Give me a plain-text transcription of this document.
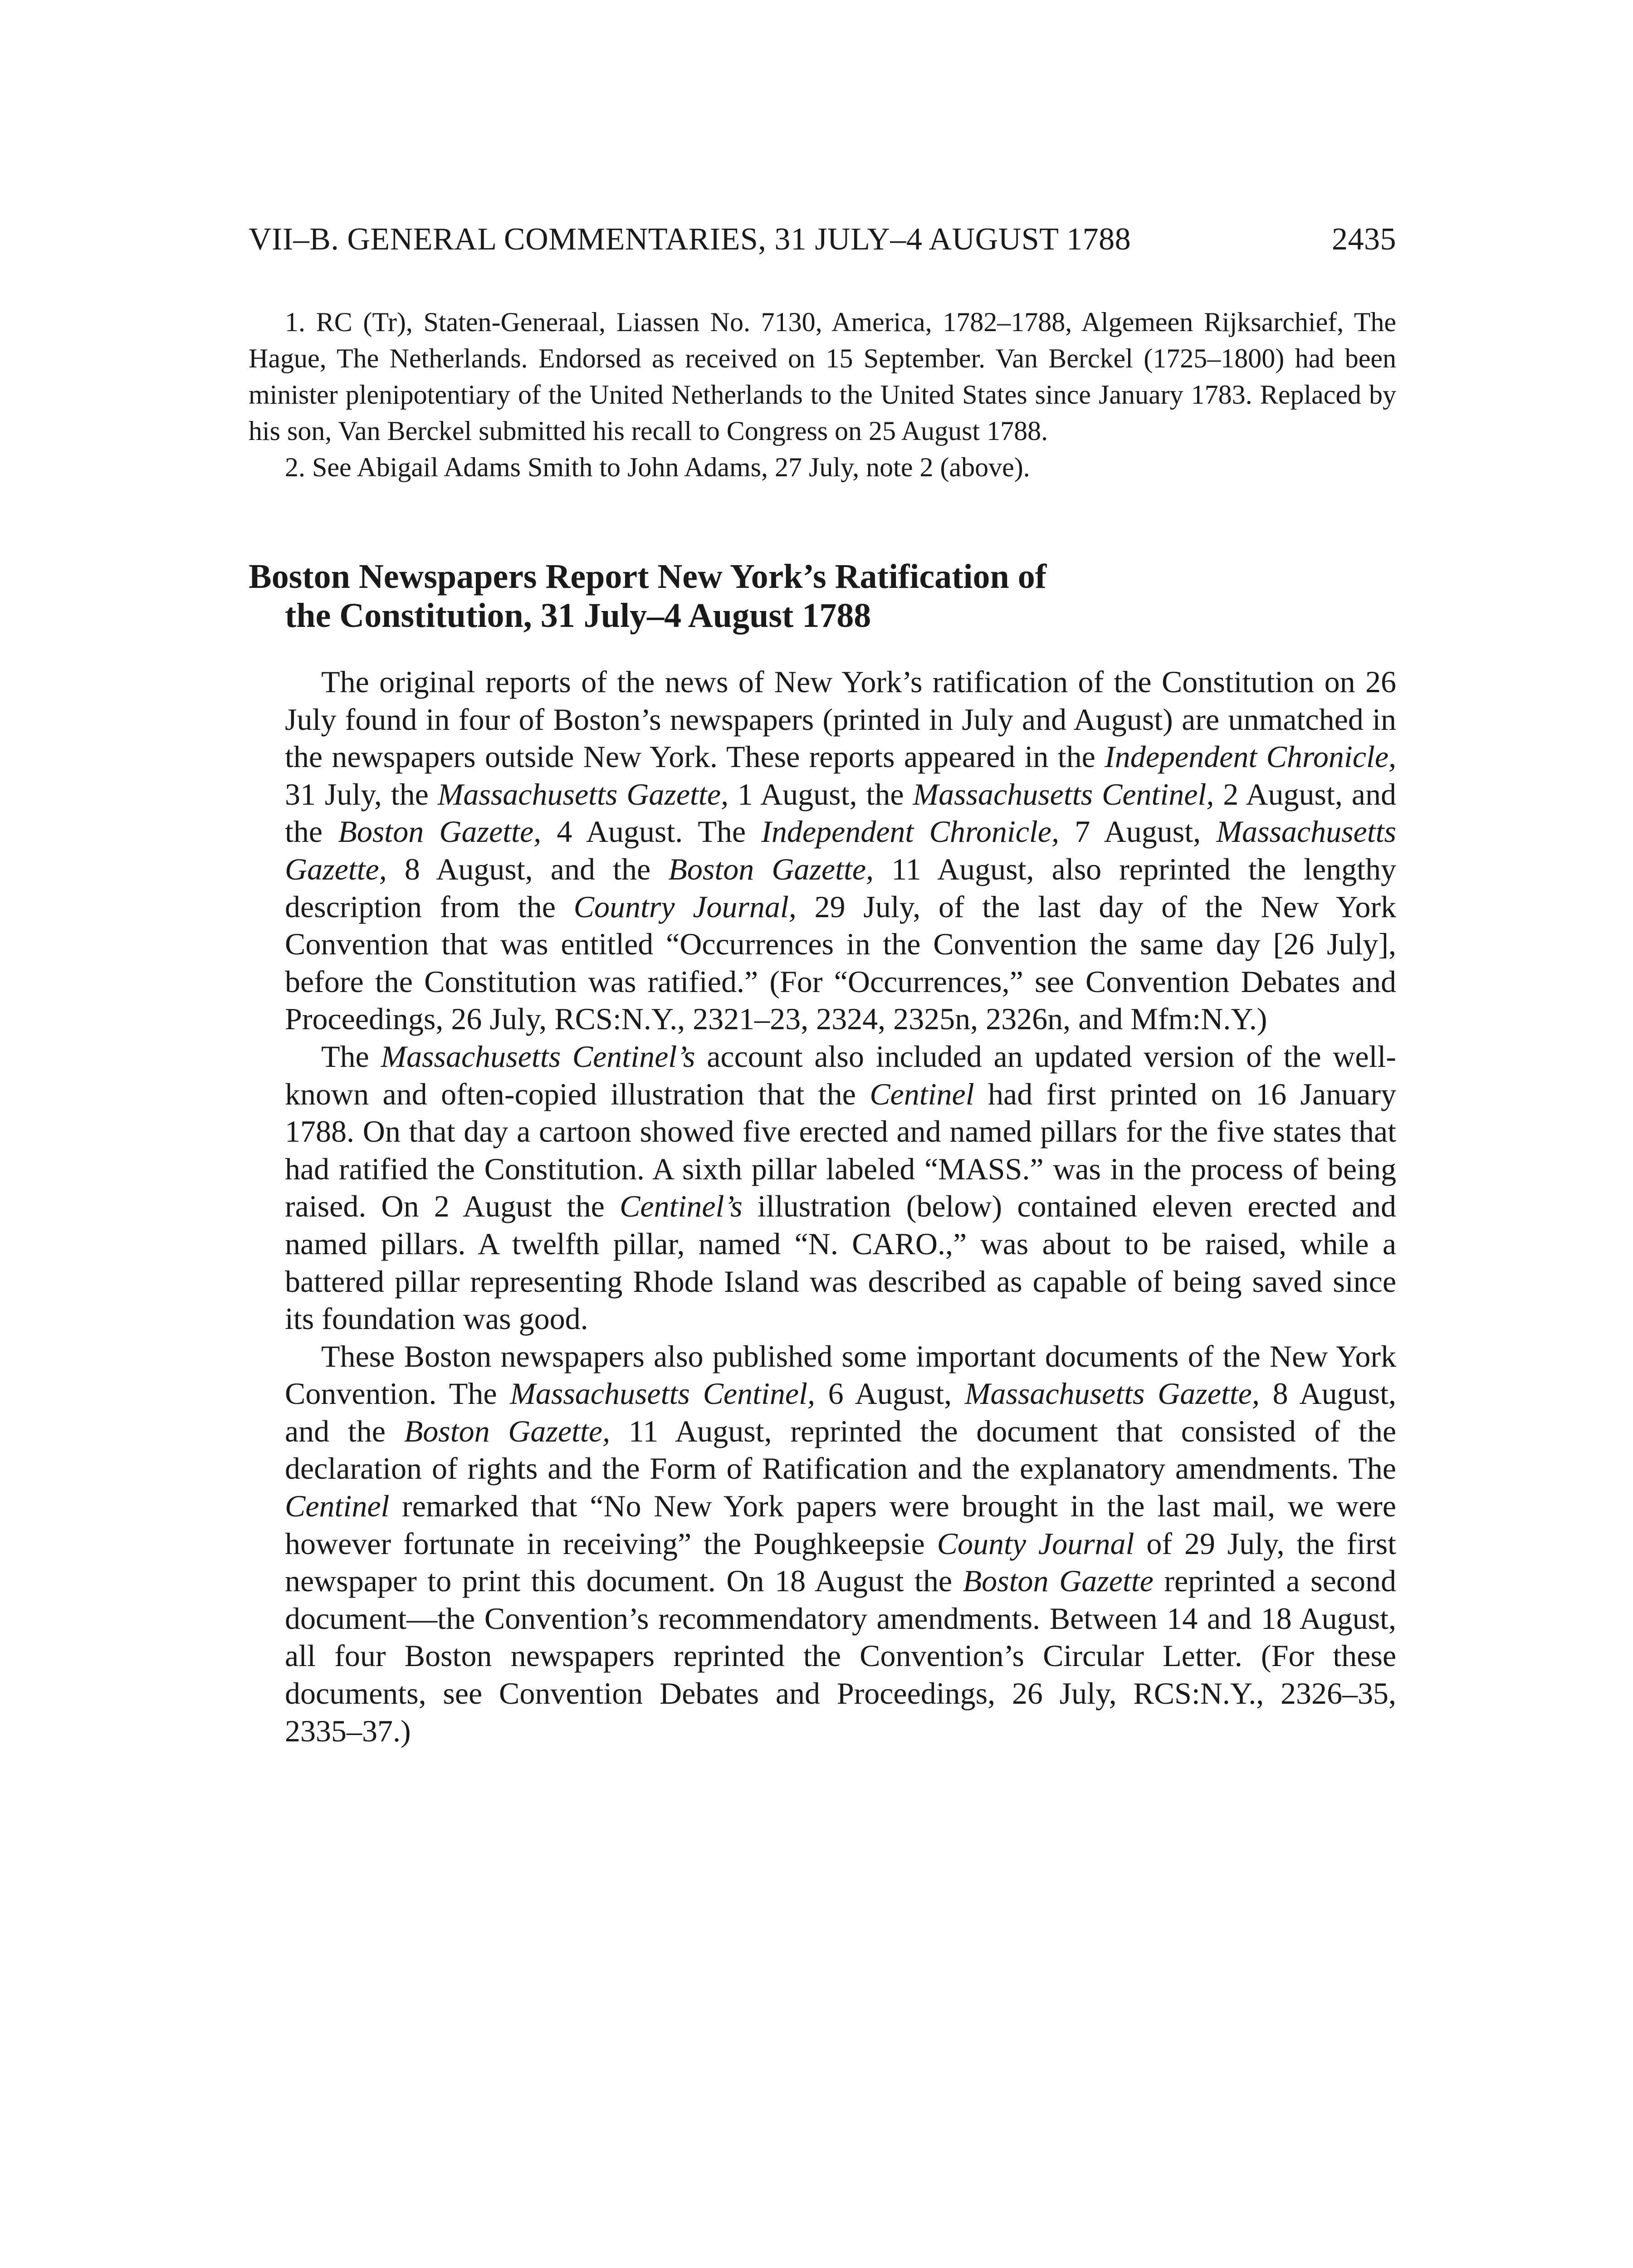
VII–B. GENERAL COMMENTARIES, 31 JULY–4 AUGUST 1788	2435

1. RC (Tr), Staten-Generaal, Liassen No. 7130, America, 1782–1788, Algemeen Rijksarchief, The Hague, The Netherlands. Endorsed as received on 15 September. Van Berckel (1725–1800) had been minister plenipotentiary of the United Netherlands to the United States since January 1783. Replaced by his son, Van Berckel submitted his recall to Congress on 25 August 1788.

2. See Abigail Adams Smith to John Adams, 27 July, note 2 (above).

Boston Newspapers Report New York’s Ratification of
the Constitution, 31 July–4 August 1788

The original reports of the news of New York’s ratification of the Constitution on 26 July found in four of Boston’s newspapers (printed in July and August) are unmatched in the newspapers outside New York. These reports appeared in the Independent Chronicle, 31 July, the Massachusetts Gazette, 1 August, the Massachusetts Centinel, 2 August, and the Boston Gazette, 4 August. The Independent Chronicle, 7 August, Massachusetts Gazette, 8 August, and the Boston Gazette, 11 August, also reprinted the lengthy description from the Country Journal, 29 July, of the last day of the New York Convention that was entitled “Occurrences in the Convention the same day [26 July], before the Constitution was ratified.” (For “Occurrences,” see Convention Debates and Proceedings, 26 July, RCS:N.Y., 2321–23, 2324, 2325n, 2326n, and Mfm:N.Y.)

The Massachusetts Centinel’s account also included an updated version of the well-known and often-copied illustration that the Centinel had first printed on 16 January 1788. On that day a cartoon showed five erected and named pillars for the five states that had ratified the Constitution. A sixth pillar labeled “MASS.” was in the process of being raised. On 2 August the Centinel’s illustration (below) contained eleven erected and named pillars. A twelfth pillar, named “N. CARO.,” was about to be raised, while a battered pillar representing Rhode Island was described as capable of being saved since its foundation was good.

These Boston newspapers also published some important documents of the New York Convention. The Massachusetts Centinel, 6 August, Massachusetts Gazette, 8 August, and the Boston Gazette, 11 August, reprinted the document that consisted of the declaration of rights and the Form of Ratification and the explanatory amendments. The Centinel remarked that “No New York papers were brought in the last mail, we were however fortunate in receiving” the Poughkeepsie County Journal of 29 July, the first newspaper to print this document. On 18 August the Boston Gazette reprinted a second document—the Convention’s recommendatory amendments. Between 14 and 18 August, all four Boston newspapers reprinted the Convention’s Circular Letter. (For these documents, see Convention Debates and Proceedings, 26 July, RCS:N.Y., 2326–35, 2335–37.)
